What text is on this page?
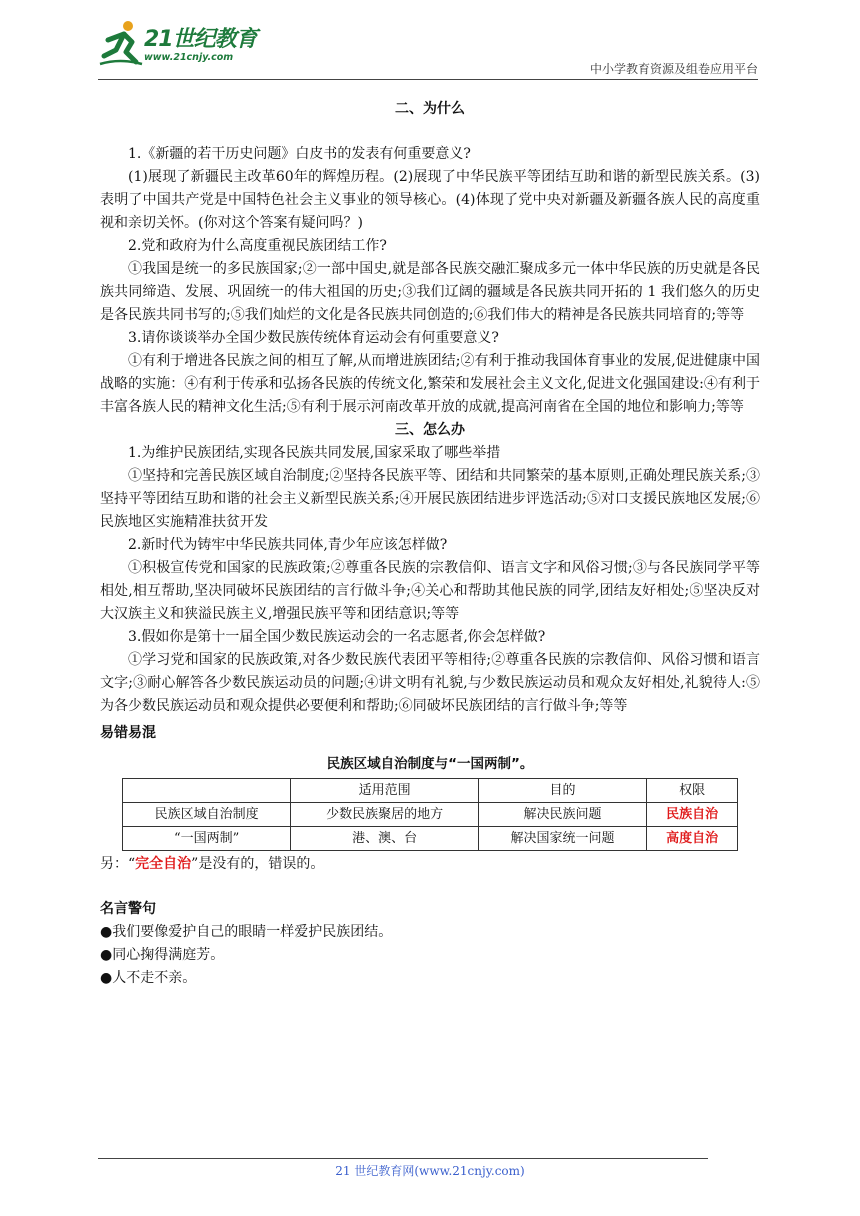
21世纪教育
www.21cnjy.com
中小学教育资源及组卷应用平台

二、为什么

1.《新疆的若干历史问题》白皮书的发表有何重要意义?

(1)展现了新疆民主改革60年的辉煌历程。(2)展现了中华民族平等团结互助和谐的新型民族关系。(3)表明了中国共产党是中国特色社会主义事业的领导核心。(4)体现了党中央对新疆及新疆各族人民的高度重视和亲切关怀。(你对这个答案有疑问吗？)

2.党和政府为什么高度重视民族团结工作?

①我国是统一的多民族国家;②一部中国史,就是部各民族交融汇聚成多元一体中华民族的历史就是各民族共同缔造、发展、巩固统一的伟大祖国的历史;③我们辽阔的疆域是各民族共同开拓的 1 我们悠久的历史是各民族共同书写的;⑤我们灿烂的文化是各民族共同创造的;⑥我们伟大的精神是各民族共同培育的;等等

3.请你谈谈举办全国少数民族传统体育运动会有何重要意义?

①有利于增进各民族之间的相互了解,从而增进族团结;②有利于推动我国体育事业的发展,促进健康中国战略的实施：④有利于传承和弘扬各民族的传统文化,繁荣和发展社会主义文化,促进文化强国建设:④有利于丰富各族人民的精神文化生活;⑤有利于展示河南改革开放的成就,提高河南省在全国的地位和影响力;等等

三、怎么办

1.为维护民族团结,实现各民族共同发展,国家采取了哪些举措

①坚持和完善民族区域自治制度;②坚持各民族平等、团结和共同繁荣的基本原则,正确处理民族关系;③坚持平等团结互助和谐的社会主义新型民族关系;④开展民族团结进步评选活动;⑤对口支援民族地区发展;⑥民族地区实施精准扶贫开发

2.新时代为铸牢中华民族共同体,青少年应该怎样做?

①积极宣传党和国家的民族政策;②尊重各民族的宗教信仰、语言文字和风俗习惯;③与各民族同学平等相处,相互帮助,坚决同破坏民族团结的言行做斗争;④关心和帮助其他民族的同学,团结友好相处;⑤坚决反对大汉族主义和狭溢民族主义,增强民族平等和团结意识;等等

3.假如你是第十一届全国少数民族运动会的一名志愿者,你会怎样做?

①学习党和国家的民族政策,对各少数民族代表团平等相待;②尊重各民族的宗教信仰、风俗习惯和语言文字;③耐心解答各少数民族运动员的问题;④讲文明有礼貌,与少数民族运动员和观众友好相处,礼貌待人:⑤为各少数民族运动员和观众提供必要便利和帮助;⑥同破坏民族团结的言行做斗争;等等

易错易混

民族区域自治制度与“一国两制”。

	适用范围	目的	权限
民族区域自治制度	少数民族聚居的地方	解决民族问题	民族自治
“一国两制”	港、澳、台	解决国家统一问题	高度自治

另：“完全自治”是没有的，错误的。

名言警句

●我们要像爱护自己的眼睛一样爱护民族团结。

●同心掬得满庭芳。

●人不走不亲。

21 世纪教育网(www.21cnjy.com)
